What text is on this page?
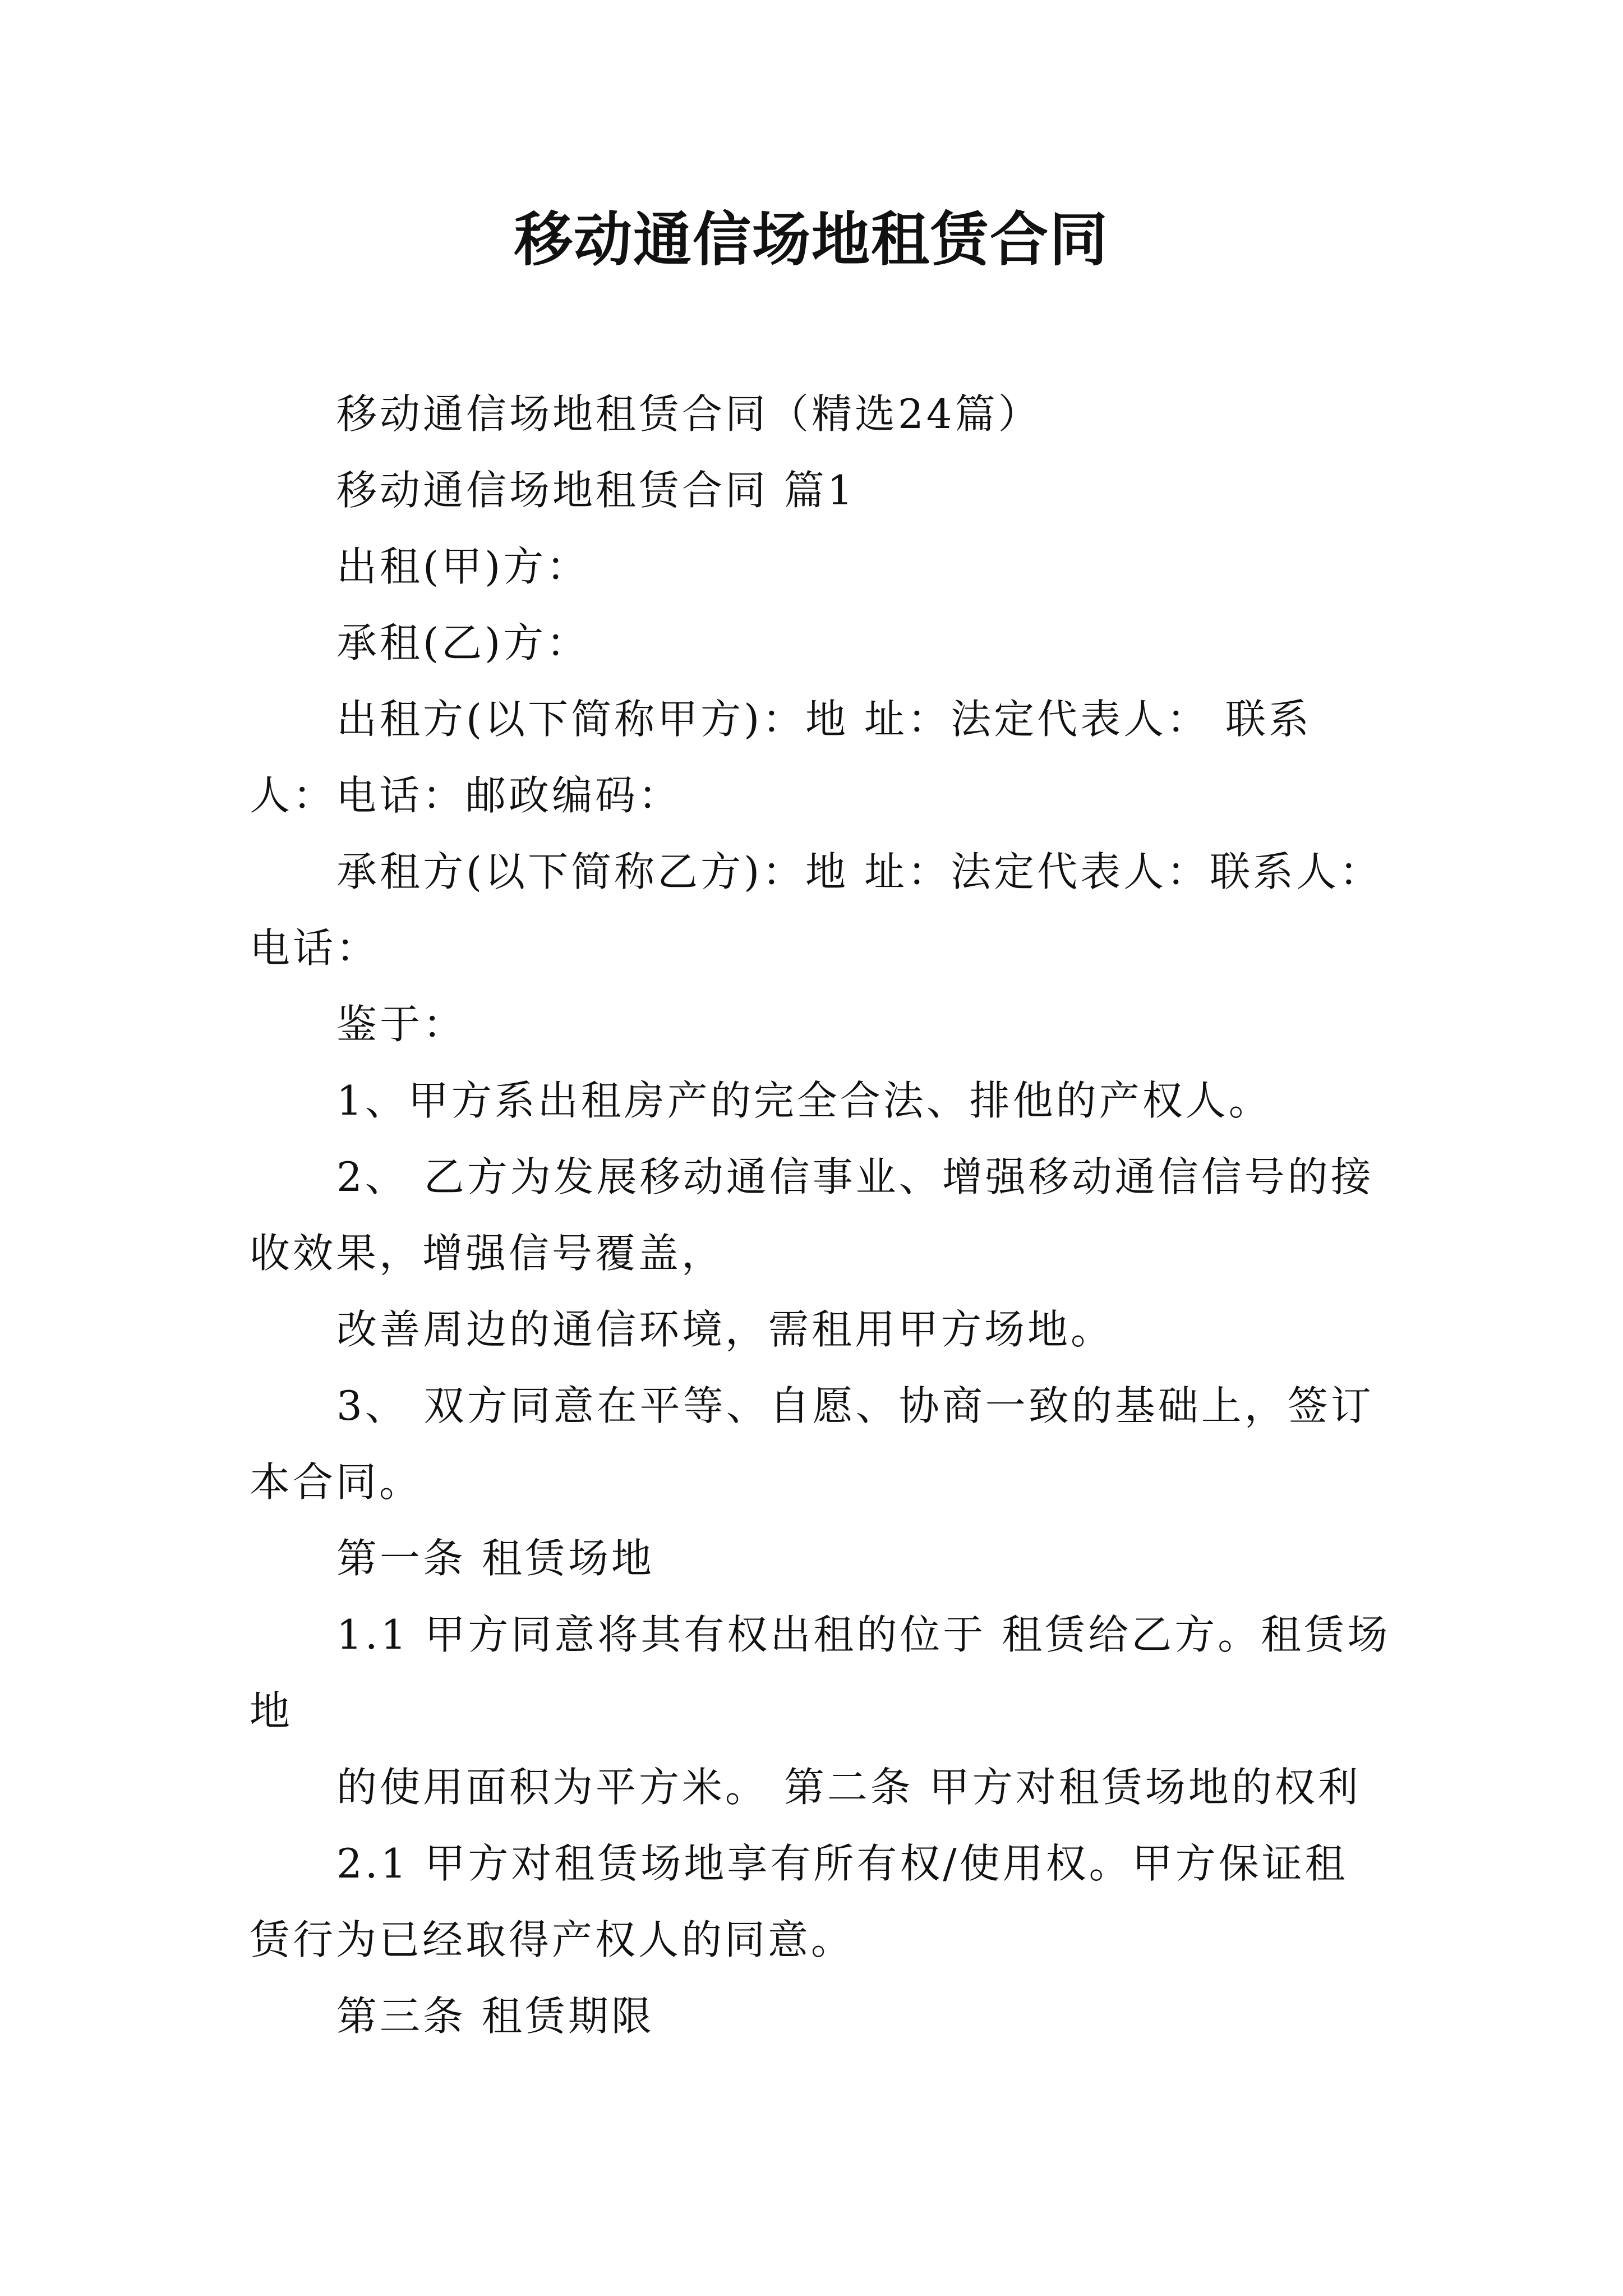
移动通信场地租赁合同

移动通信场地租赁合同（精选24篇）

移动通信场地租赁合同 篇1

出租(甲)方：

承租(乙)方：

出租方(以下简称甲方)：地 址：法定代表人： 联系人：电话：邮政编码：

承租方(以下简称乙方)：地 址：法定代表人：联系人：电话：

鉴于：

1、甲方系出租房产的完全合法、排他的产权人。

2、 乙方为发展移动通信事业、增强移动通信信号的接收效果，增强信号覆盖，

改善周边的通信环境，需租用甲方场地。

3、 双方同意在平等、自愿、协商一致的基础上，签订本合同。

第一条 租赁场地

1.1 甲方同意将其有权出租的位于 租赁给乙方。租赁场地

的使用面积为平方米。 第二条 甲方对租赁场地的权利

2.1 甲方对租赁场地享有所有权/使用权。甲方保证租赁行为已经取得产权人的同意。

第三条 租赁期限
